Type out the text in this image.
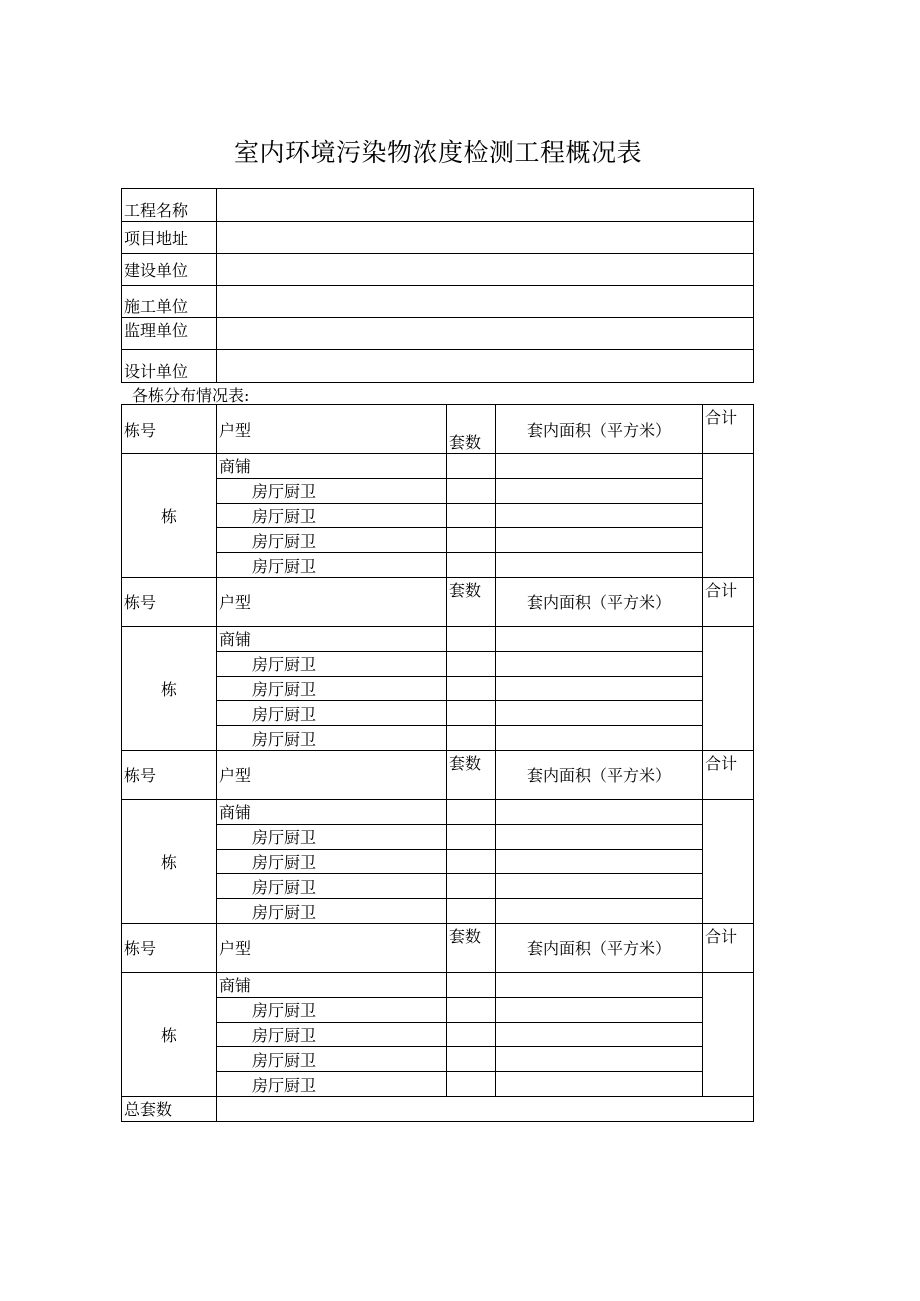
室内环境污染物浓度检测工程概况表
工程名称	
项目地址	
建设单位	
施工单位	
监理单位	
设计单位	
各栋分布情况表:
栋号	户型	套数	套内面积（平方米）	合计
栋	商铺			
	房厅厨卫			
	房厅厨卫			
	房厅厨卫			
	房厅厨卫			
栋号	户型	套数	套内面积（平方米）	合计
栋	商铺			
	房厅厨卫			
	房厅厨卫			
	房厅厨卫			
	房厅厨卫			
栋号	户型	套数	套内面积（平方米）	合计
栋	商铺			
	房厅厨卫			
	房厅厨卫			
	房厅厨卫			
	房厅厨卫			
栋号	户型	套数	套内面积（平方米）	合计
栋	商铺			
	房厅厨卫			
	房厅厨卫			
	房厅厨卫			
	房厅厨卫			
总套数				
